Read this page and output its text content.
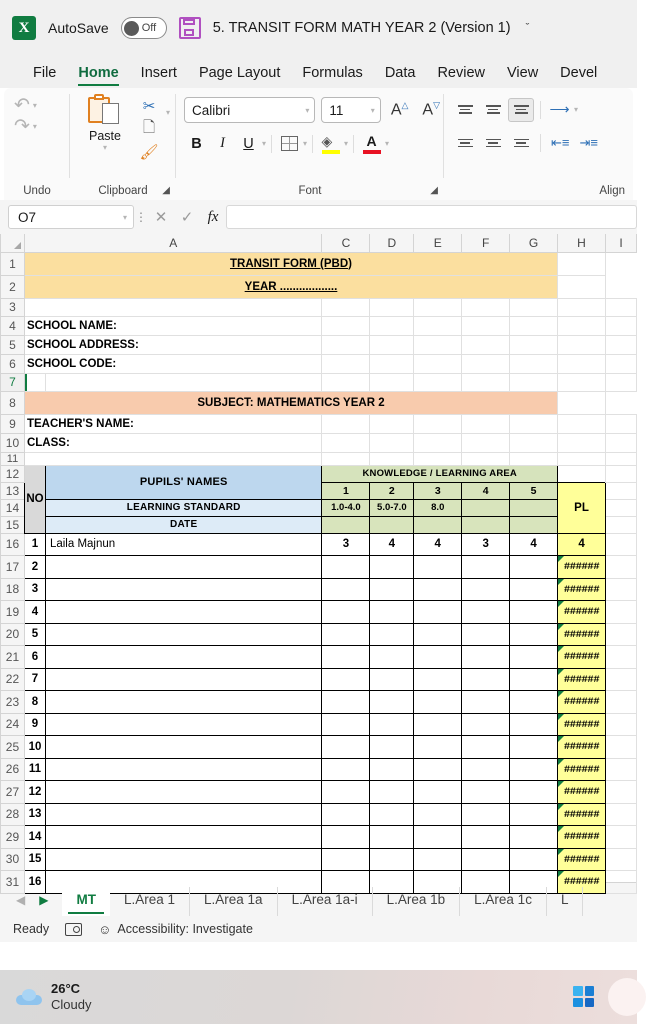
X AutoSave	Off	5. TRANSIT FORM MATH YEAR 2 (Version 1) ˇ
File	Home	Insert	Page Layout	Formulas	Data	Review	View	Devel
↶ ▾
↷ ▾
Undo
Paste
▾
✂
🗋
🖌
▾
Clipboard	◢
Calibri	▾ 11	▾ A△ A▽
B	I	U	▾	▾ ◈	▾ A	▾
Font	◢
⟶ ▾
⇤≡ ⇥≡
Align
O7	▾ ⋮ ✕ ✓ fx
	A		C	D	E	F	G	H	I
1	TRANSIT FORM (PBD)								
2	YEAR ..................								
3									
4	SCHOOL NAME:								
5	SCHOOL ADDRESS:								
6	SCHOOL CODE:								
7									
8	SUBJECT: MATHEMATICS YEAR 2								
9	TEACHER'S NAME:								
10	CLASS:								
11									
12	NO	PUPILS' NAMES	KNOWLEDGE / LEARNING AREA						
13			1	2	3	4	5	PL	
14		LEARNING STANDARD	1.0-4.0	5.0-7.0	8.0				
15		DATE							
16	1	Laila Majnun	3	4	4	3	4	4	
17	2							######	
18	3							######	
19	4							######	
20	5							######	
21	6							######	
22	7							######	
23	8							######	
24	9							######	
25	10							######	
26	11							######	
27	12							######	
28	13							######	
29	14							######	
30	15							######	
31	16							######	
◀ ▶	MT	L.Area 1	L.Area 1a	L.Area 1a-i	L.Area 1b	L.Area 1c	L
Ready	☺ Accessibility: Investigate
26°C
Cloudy
